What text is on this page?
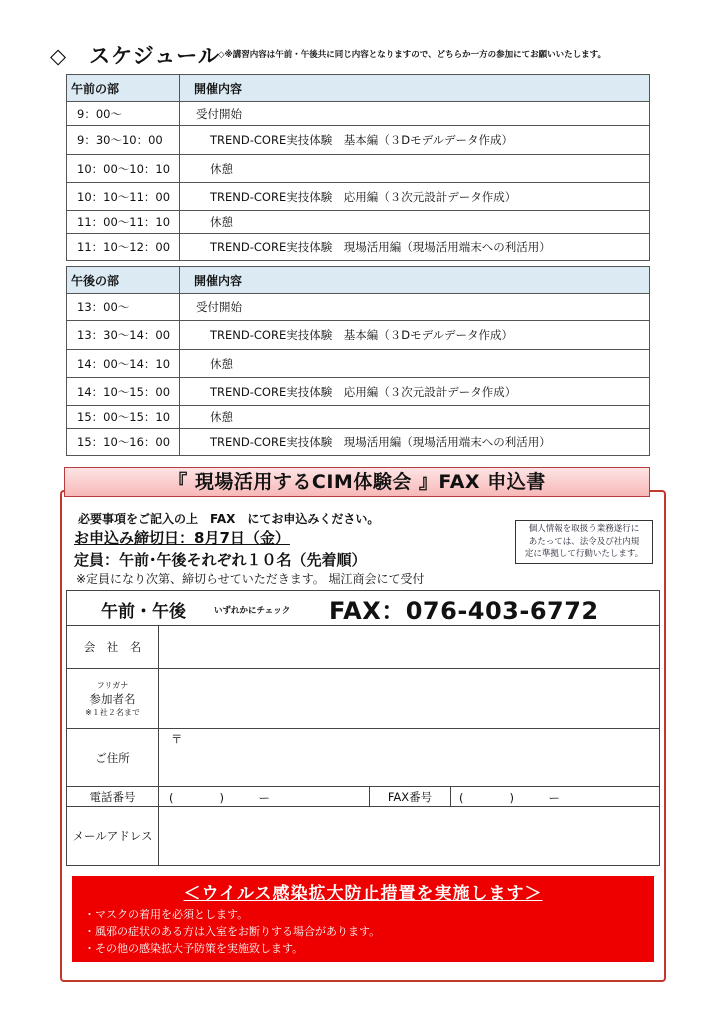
◇　スケジュール
◇※講習内容は午前・午後共に同じ内容となりますので、どちらか一方の参加にてお願いいたします。
午前の部	開催内容
9：00～	受付開始
9：30～10：00	TREND-CORE実技体験　基本編（３Dモデルデータ作成）
10：00～10：10	休憩
10：10～11：00	TREND-CORE実技体験　応用編（３次元設計データ作成）
11：00～11：10	休憩
11：10～12：00	TREND-CORE実技体験　現場活用編（現場活用端末への利活用）
午後の部	開催内容
13：00～	受付開始
13：30～14：00	TREND-CORE実技体験　基本編（３Dモデルデータ作成）
14：00～14：10	休憩
14：10～15：00	TREND-CORE実技体験　応用編（３次元設計データ作成）
15：00～15：10	休憩
15：10～16：00	TREND-CORE実技体験　現場活用編（現場活用端末への利活用）
『 現場活用するCIM体験会 』FAX 申込書
必要事項をご記入の上　FAX　にてお申込みください。
お申込み締切日：8月7日（金）
定員：午前･午後それぞれ１０名（先着順）
※定員になり次第、締切らせていただきます。 堀江商会にて受付
個人情報を取扱う業務遂行に
あたっては、法令及び社内規
定に準拠して行動いたします。
午前・午後	いずれかにチェック FAX：076-403-6772
会　社　名
フリガナ
参加者名
※１社２名まで
ご住所
〒
電話番号	(　　　　)　　　ー	FAX番号 (　　　　)　　　ー
メールアドレス
＜ウイルス感染拡大防止措置を実施します＞
・マスクの着用を必須とします。
・風邪の症状のある方は入室をお断りする場合があります。
・その他の感染拡大予防策を実施致します。
